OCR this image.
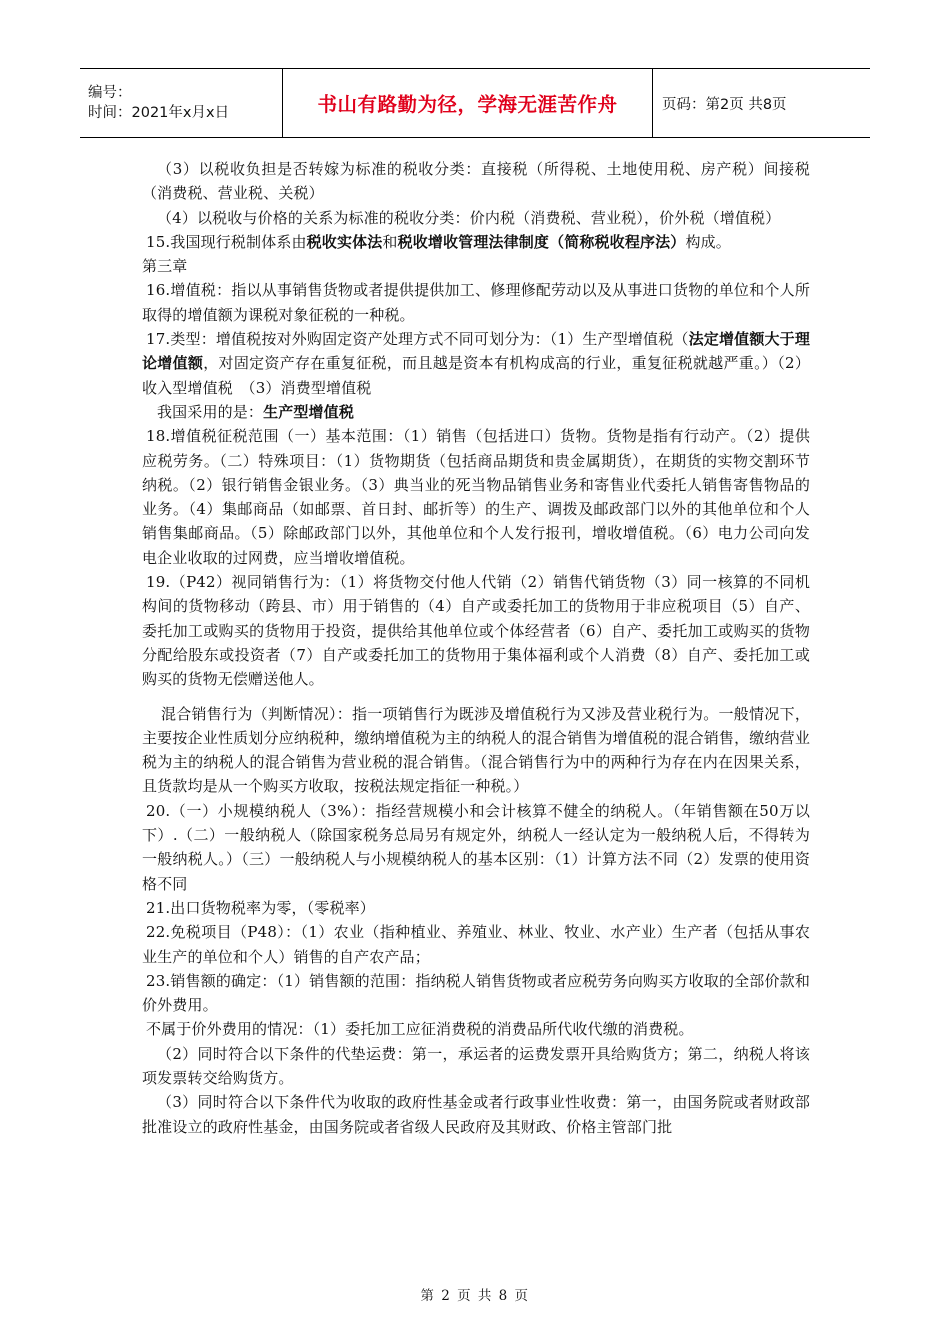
编号：
时间：2021年x月x日	书山有路勤为径，学海无涯苦作舟	页码：第2页 共8页

（3）以税收负担是否转嫁为标准的税收分类：直接税（所得税、土地使用税、房产税）间接税（消费税、营业税、关税）

（4）以税收与价格的关系为标准的税收分类：价内税（消费税、营业税），价外税（增值税）

15.我国现行税制体系由税收实体法和税收增收管理法律制度（简称税收程序法）构成。

第三章

16.增值税：指以从事销售货物或者提供提供加工、修理修配劳动以及从事进口货物的单位和个人所取得的增值额为课税对象征税的一种税。

17.类型：增值税按对外购固定资产处理方式不同可划分为：（1）生产型增值税（法定增值额大于理论增值额，对固定资产存在重复征税，而且越是资本有机构成高的行业，重复征税就越严重。）（2）收入型增值税　（3）消费型增值税

我国采用的是：生产型增值税

18.增值税征税范围（一）基本范围：（1）销售（包括进口）货物。货物是指有行动产。（2）提供应税劳务。（二）特殊项目：（1）货物期货（包括商品期货和贵金属期货），在期货的实物交割环节纳税。（2）银行销售金银业务。（3）典当业的死当物品销售业务和寄售业代委托人销售寄售物品的业务。（4）集邮商品（如邮票、首日封、邮折等）的生产、调拨及邮政部门以外的其他单位和个人销售集邮商品。（5）除邮政部门以外，其他单位和个人发行报刊，增收增值税。（6）电力公司向发电企业收取的过网费，应当增收增值税。

19.（P42）视同销售行为：（1）将货物交付他人代销（2）销售代销货物（3）同一核算的不同机构间的货物移动（跨县、市）用于销售的（4）自产或委托加工的货物用于非应税项目（5）自产、委托加工或购买的货物用于投资，提供给其他单位或个体经营者（6）自产、委托加工或购买的货物分配给股东或投资者（7）自产或委托加工的货物用于集体福利或个人消费（8）自产、委托加工或购买的货物无偿赠送他人。

混合销售行为（判断情况）：指一项销售行为既涉及增值税行为又涉及营业税行为。一般情况下，主要按企业性质划分应纳税种，缴纳增值税为主的纳税人的混合销售为增值税的混合销售，缴纳营业税为主的纳税人的混合销售为营业税的混合销售。（混合销售行为中的两种行为存在内在因果关系，且货款均是从一个购买方收取，按税法规定指征一种税。）

20.（一）小规模纳税人（3%）：指经营规模小和会计核算不健全的纳税人。（年销售额在50万以下）.（二）一般纳税人（除国家税务总局另有规定外，纳税人一经认定为一般纳税人后，不得转为一般纳税人。）（三）一般纳税人与小规模纳税人的基本区别：（1）计算方法不同（2）发票的使用资格不同

21.出口货物税率为零，（零税率）

22.免税项目（P48）：（1）农业（指种植业、养殖业、林业、牧业、水产业）生产者（包括从事农业生产的单位和个人）销售的自产农产品；

23.销售额的确定：（1）销售额的范围：指纳税人销售货物或者应税劳务向购买方收取的全部价款和价外费用。

不属于价外费用的情况：（1）委托加工应征消费税的消费品所代收代缴的消费税。

（2）同时符合以下条件的代垫运费：第一，承运者的运费发票开具给购货方；第二，纳税人将该项发票转交给购货方。

（3）同时符合以下条件代为收取的政府性基金或者行政事业性收费：第一，由国务院或者财政部批准设立的政府性基金，由国务院或者省级人民政府及其财政、价格主管部门批

第 2 页 共 8 页
